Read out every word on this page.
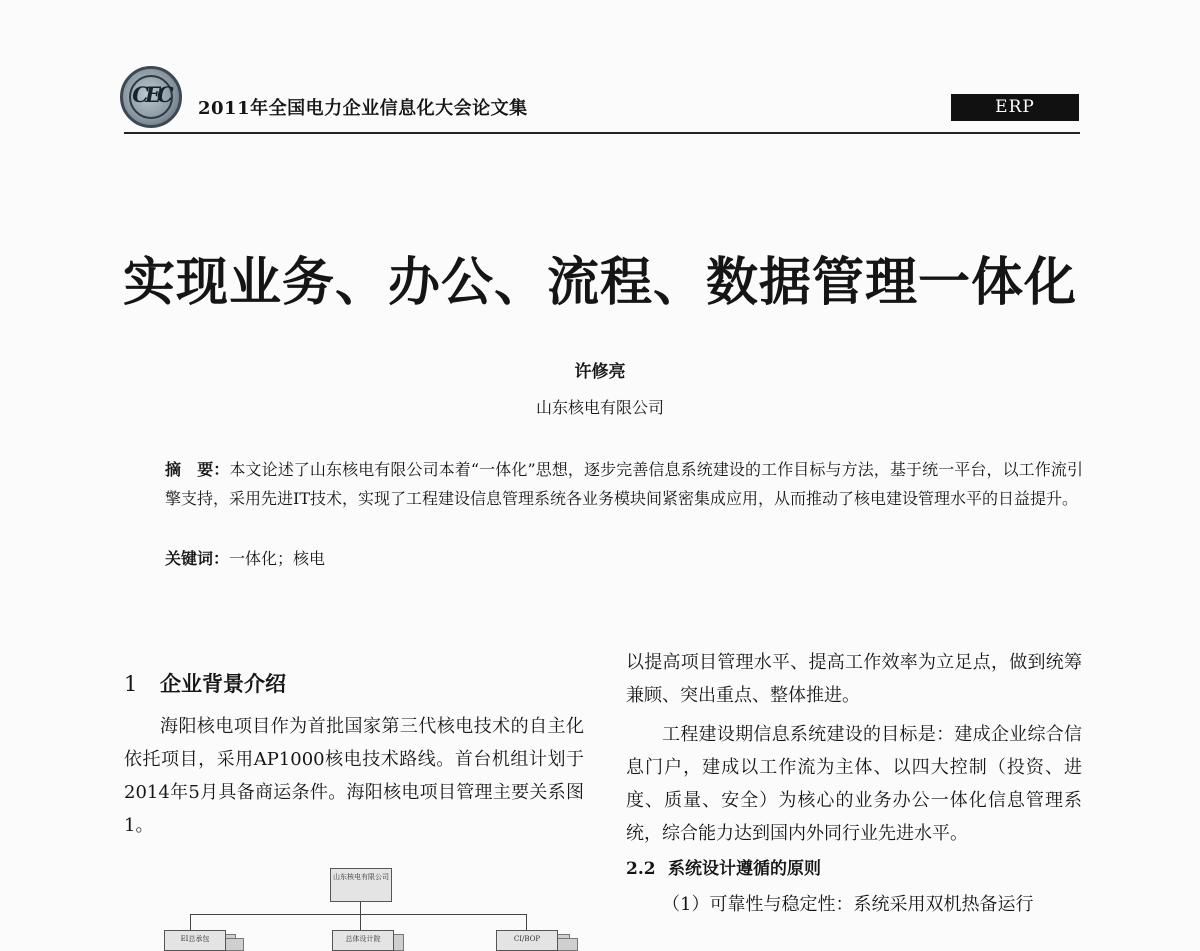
CEC
2011年全国电力企业信息化大会论文集	ERP
实现业务、办公、流程、数据管理一体化
许修亮
山东核电有限公司
摘　要：本文论述了山东核电有限公司本着“一体化”思想，逐步完善信息系统建设的工作目标与方法，基于统一平台，以工作流引擎支持，采用先进IT技术，实现了工程建设信息管理系统各业务模块间紧密集成应用，从而推动了核电建设管理水平的日益提升。
关键词：一体化；核电
1 企业背景介绍

海阳核电项目作为首批国家第三代核电技术的自主化依托项目，采用AP1000核电技术路线。首台机组计划于2014年5月具备商运条件。海阳核电项目管理主要关系图1。

山东核电有限公司
EI总承包	总体设计院	CI/BOP

以提高项目管理水平、提高工作效率为立足点，做到统筹兼顾、突出重点、整体推进。

工程建设期信息系统建设的目标是：建成企业综合信息门户，建成以工作流为主体、以四大控制（投资、进度、质量、安全）为核心的业务办公一体化信息管理系统，综合能力达到国内外同行业先进水平。

2.2 系统设计遵循的原则

（1）可靠性与稳定性：系统采用双机热备运行
